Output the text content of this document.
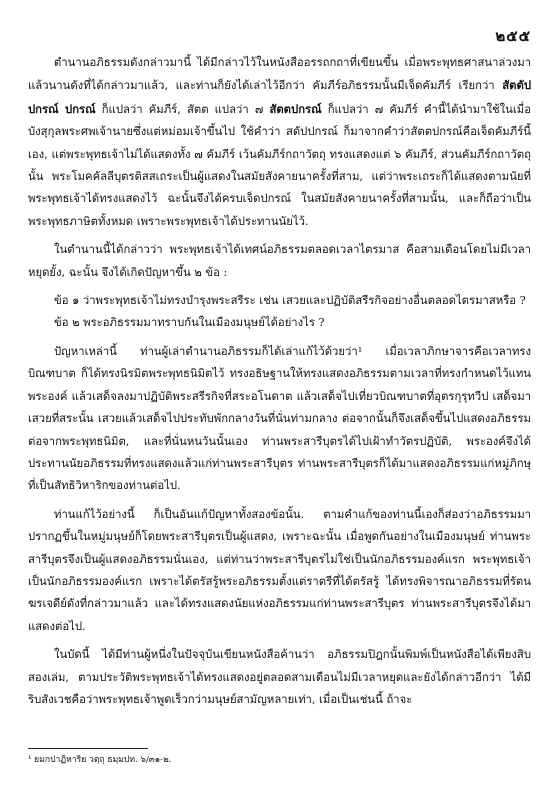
๒๕๕

ตำนานอภิธรรมดังกล่าวมานี้ ได้มีกล่าวไว้ในหนังสืออรรถกถาที่เขียนขึ้น เมื่อพระพุทธศาสนาล่วงมาแล้วนานดังที่ได้กล่าวมาแล้ว, และท่านก็ยังได้เล่าไว้อีกว่า คัมภีร์อภิธรรมนั้นมีเจ็ดคัมภีร์ เรียกว่า สัตตัปปกรณ์ ปกรณ์ ก็แปลว่า คัมภีร์, สัตต แปลว่า ๗ สัตตปกรณ์ ก็แปลว่า ๗ คัมภีร์ คำนี้ได้นำมาใช้ในเมื่อบังสุกุลพระศพเจ้านายซึ่งแต่หม่อมเจ้าขึ้นไป ใช้คำว่า สดัปปกรณ์ ก็มาจากคำว่าสัตตปกรณ์คือเจ็ดคัมภีร์นี้เอง, แต่พระพุทธเจ้าไม่ได้แสดงทั้ง ๗ คัมภีร์ เว้นคัมภีร์กถาวัตถุ ทรงแสดงแต่ ๖ คัมภีร์, ส่วนคัมภีร์กถาวัตถุนั้น พระโมคคัลลีบุตรติสสเถระเป็นผู้แสดงในสมัยสังคายนาครั้งที่สาม, แต่ว่าพระเถระก็ได้แสดงตามนัยที่พระพุทธเจ้าได้ทรงแสดงไว้ ฉะนั้นจึงได้ครบเจ็ดปกรณ์ ในสมัยสังคายนาครั้งที่สามนั้น, และก็ถือว่าเป็นพระพุทธภาษิตทั้งหมด เพราะพระพุทธเจ้าได้ประทานนัยไว้.

ในตำนานนี้ได้กล่าวว่า พระพุทธเจ้าได้เทศน์อภิธรรมตลอดเวลาไตรมาส คือสามเดือนโดยไม่มีเวลาหยุดยั้ง, ฉะนั้น จึงได้เกิดปัญหาขึ้น ๒ ข้อ :

ข้อ ๑ ว่าพระพุทธเจ้าไม่ทรงบำรุงพระสรีระ เช่น เสวยและปฏิบัติสรีรกิจอย่างอื่นตลอดไตรมาสหรือ ?

ข้อ ๒ พระอภิธรรมมาทราบกันในเมืองมนุษย์ได้อย่างไร ?

ปัญหาเหล่านี้ ท่านผู้เล่าตำนานอภิธรรมก็ได้เล่าแก้ไว้ด้วยว่า¹ เมื่อเวลาภิกษาจารคือเวลาทรงบิณฑบาต ก็ได้ทรงนิรมิตพระพุทธนิมิตไว้ ทรงอธิษฐานให้ทรงแสดงอภิธรรมตามเวลาที่ทรงกำหนดไว้แทนพระองค์ แล้วเสด็จลงมาปฏิบัติพระสรีรกิจที่สระอโนดาต แล้วเสด็จไปเที่ยวบิณฑบาตที่อุตรกุรุทวีป เสด็จมาเสวยที่สระนั้น เสวยแล้วเสด็จไปประทับพักกลางวันที่นั่นท่ามกลาง ต่อจากนั้นก็จึงเสด็จขึ้นไปแสดงอภิธรรมต่อจากพระพุทธนิมิต, และที่นั่นหนวันนั้นเอง ท่านพระสารีบุตรได้ไปเฝ้าทำวัตรปฏิบัติ, พระองค์จึงได้ประทานนัยอภิธรรมที่ทรงแสดงแล้วแก่ท่านพระสารีบุตร ท่านพระสารีบุตรก็ได้มาแสดงอภิธรรมแก่หมู่ภิกษุที่เป็นสัทธิวิหาริกของท่านต่อไป.

ท่านแก้ไว้อย่างนี้ ก็เป็นอันแก้ปัญหาทั้งสองข้อนั้น. ตามคำแก้ของท่านนี้เองก็ส่องว่าอภิธรรมมาปรากฏขึ้นในหมู่มนุษย์ก็โดยพระสารีบุตรเป็นผู้แสดง, เพราะฉะนั้น เมื่อพูดกันอย่างในเมืองมนุษย์ ท่านพระสารีบุตรจึงเป็นผู้แสดงอภิธรรมนั่นเอง, แต่ท่านว่าพระสารีบุตรไม่ใช่เป็นนักอภิธรรมองค์แรก พระพุทธเจ้าเป็นนักอภิธรรมองค์แรก เพราะได้ตรัสรู้พระอภิธรรมตั้งแต่ราตรีที่ได้ตรัสรู้ ได้ทรงพิจารณาอภิธรรมที่รัตนฆรเจดีย์ดังที่กล่าวมาแล้ว และได้ทรงแสดงนัยแห่งอภิธรรมแก่ท่านพระสารีบุตร ท่านพระสารีบุตรจึงได้มาแสดงต่อไป.

ในบัดนี้ ได้มีท่านผู้หนึ่งในปัจจุบันเขียนหนังสือค้านว่า อภิธรรมปิฎกนั้นพิมพ์เป็นหนังสือได้เพียงสิบสองเล่ม, ตามประวัติพระพุทธเจ้าได้ทรงแสดงอยู่ตลอดสามเดือนไม่มีเวลาหยุดและยังได้กล่าวอีกว่า ได้มีริบสังเวชคือว่าพระพุทธเจ้าพูดเร็วกว่ามนุษย์สามัญหลายเท่า, เมื่อเป็นเช่นนี้ ถ้าจะ

¹ ยมกปาฏิหาริย วตฺถุ ธมฺมปท. ๖/๓๑-๒.
